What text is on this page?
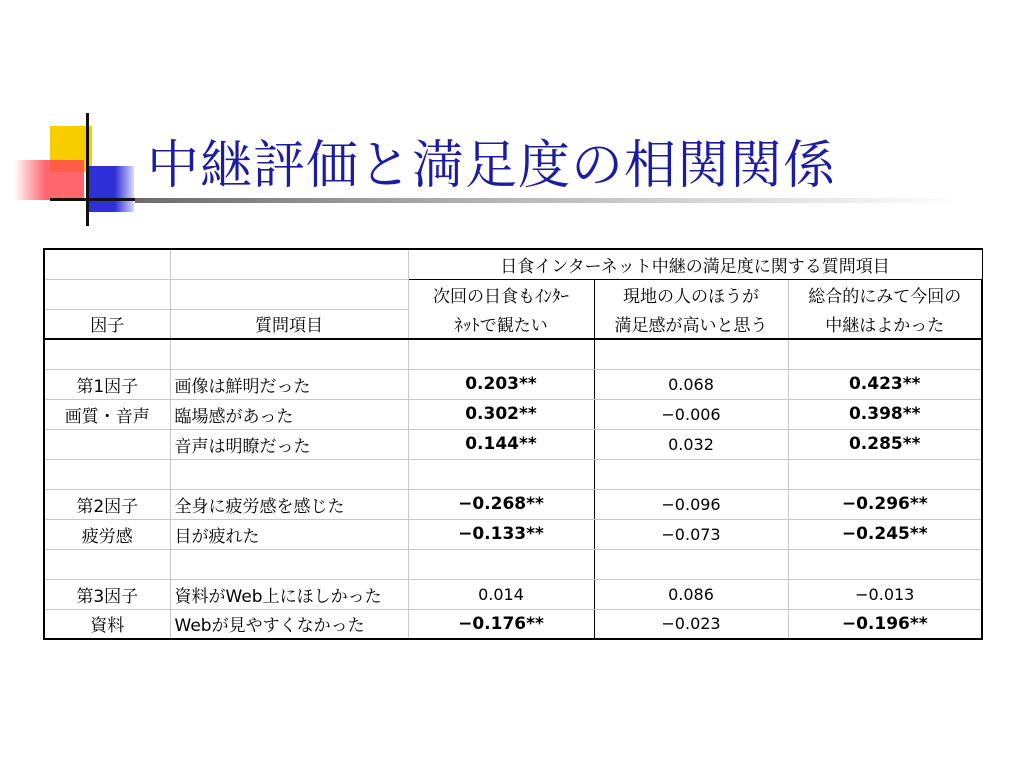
中継評価と満足度の相関関係
		日食インターネット中継の満足度に関する質問項目		
		次回の日食もｲﾝﾀｰ	現地の人のほうが	総合的にみて今回の
因子	質問項目	ﾈｯﾄで観たい	満足感が高いと思う	中継はよかった

第1因子	画像は鮮明だった	0.203**	0.068	0.423**
画質・音声	臨場感があった	0.302**	−0.006	0.398**
	音声は明瞭だった	0.144**	0.032	0.285**

第2因子	全身に疲労感を感じた	−0.268**	−0.096	−0.296**
疲労感	目が疲れた	−0.133**	−0.073	−0.245**

第3因子	資料がWeb上にほしかった	0.014	0.086	−0.013
資料	Webが見やすくなかった	−0.176**	−0.023	−0.196**
